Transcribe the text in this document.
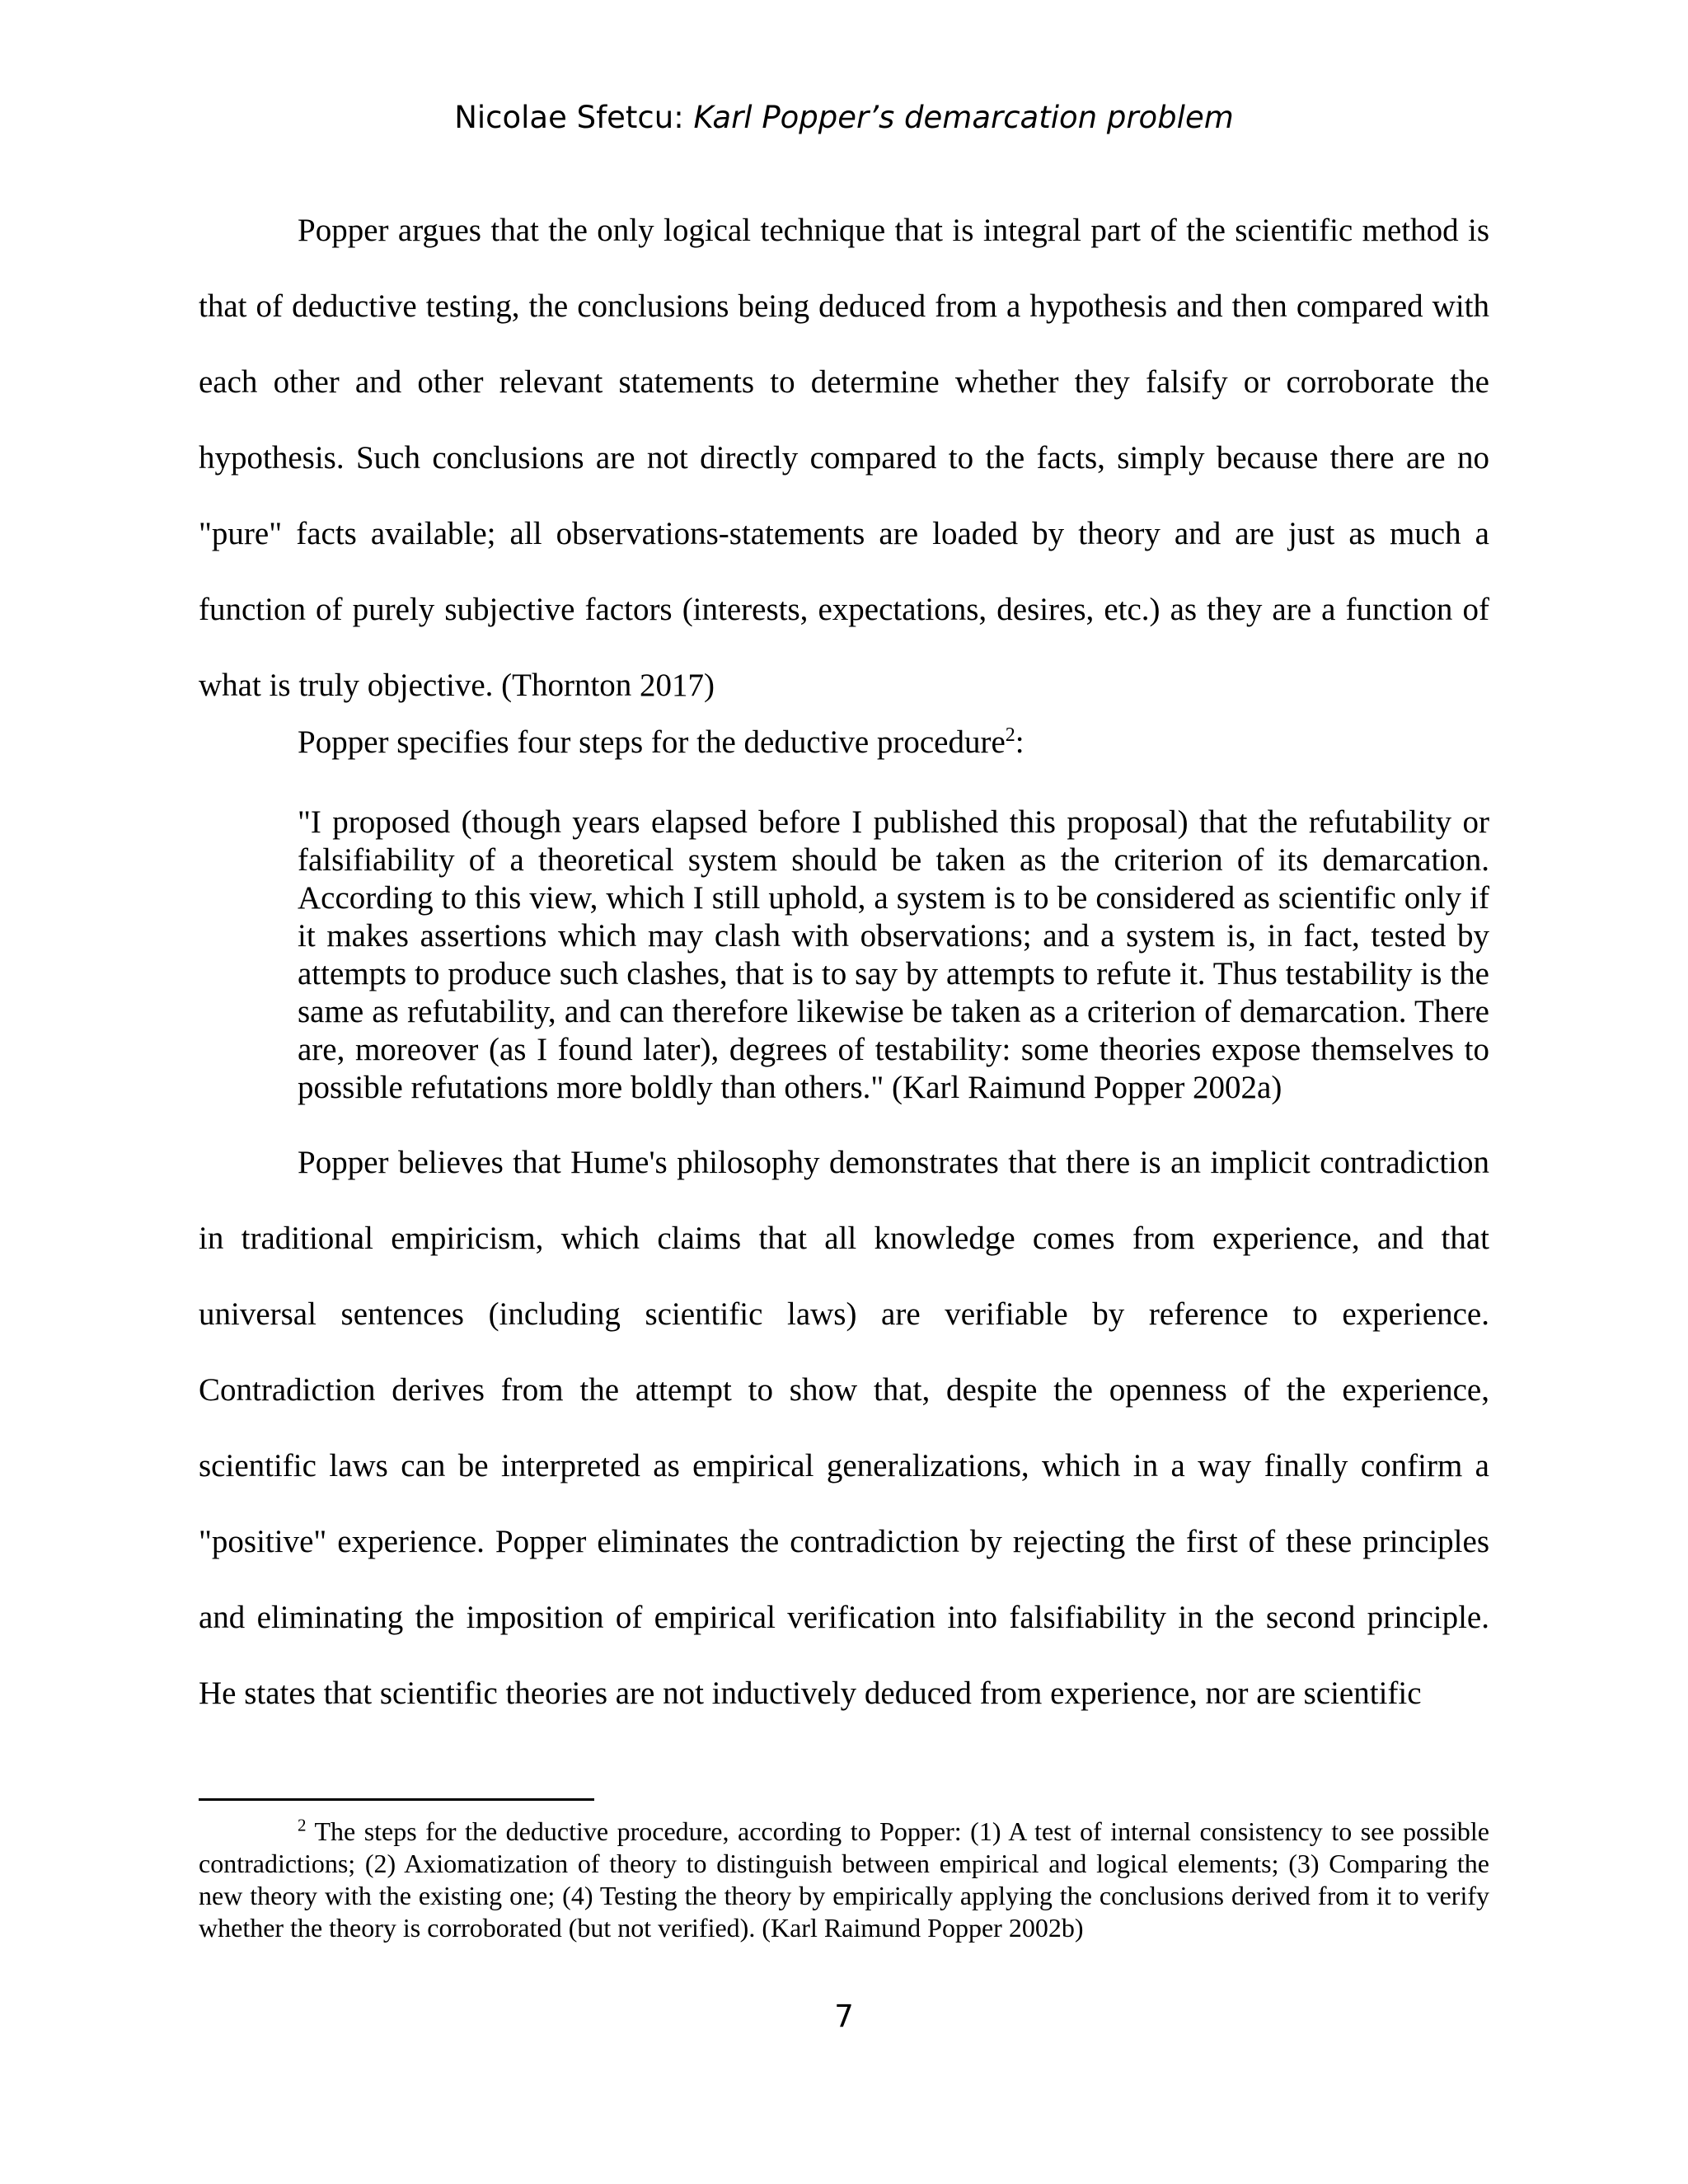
Nicolae Sfetcu: Karl Popper’s demarcation problem

Popper argues that the only logical technique that is integral part of the scientific method is that of deductive testing, the conclusions being deduced from a hypothesis and then compared with each other and other relevant statements to determine whether they falsify or corroborate the hypothesis. Such conclusions are not directly compared to the facts, simply because there are no "pure" facts available; all observations-statements are loaded by theory and are just as much a function of purely subjective factors (interests, expectations, desires, etc.) as they are a function of what is truly objective. (Thornton 2017)

Popper specifies four steps for the deductive procedure$^2$:

"I proposed (though years elapsed before I published this proposal) that the refutability or falsifiability of a theoretical system should be taken as the criterion of its demarcation. According to this view, which I still uphold, a system is to be considered as scientific only if it makes assertions which may clash with observations; and a system is, in fact, tested by attempts to produce such clashes, that is to say by attempts to refute it. Thus testability is the same as refutability, and can therefore likewise be taken as a criterion of demarcation. There are, moreover (as I found later), degrees of testability: some theories expose themselves to possible refutations more boldly than others." (Karl Raimund Popper 2002a)

Popper believes that Hume's philosophy demonstrates that there is an implicit contradiction in traditional empiricism, which claims that all knowledge comes from experience, and that universal sentences (including scientific laws) are verifiable by reference to experience. Contradiction derives from the attempt to show that, despite the openness of the experience, scientific laws can be interpreted as empirical generalizations, which in a way finally confirm a "positive" experience. Popper eliminates the contradiction by rejecting the first of these principles and eliminating the imposition of empirical verification into falsifiability in the second principle. He states that scientific theories are not inductively deduced from experience, nor are scientific

$^2$ The steps for the deductive procedure, according to Popper: (1) A test of internal consistency to see possible contradictions; (2) Axiomatization of theory to distinguish between empirical and logical elements; (3) Comparing the new theory with the existing one; (4) Testing the theory by empirically applying the conclusions derived from it to verify whether the theory is corroborated (but not verified). (Karl Raimund Popper 2002b)

7
